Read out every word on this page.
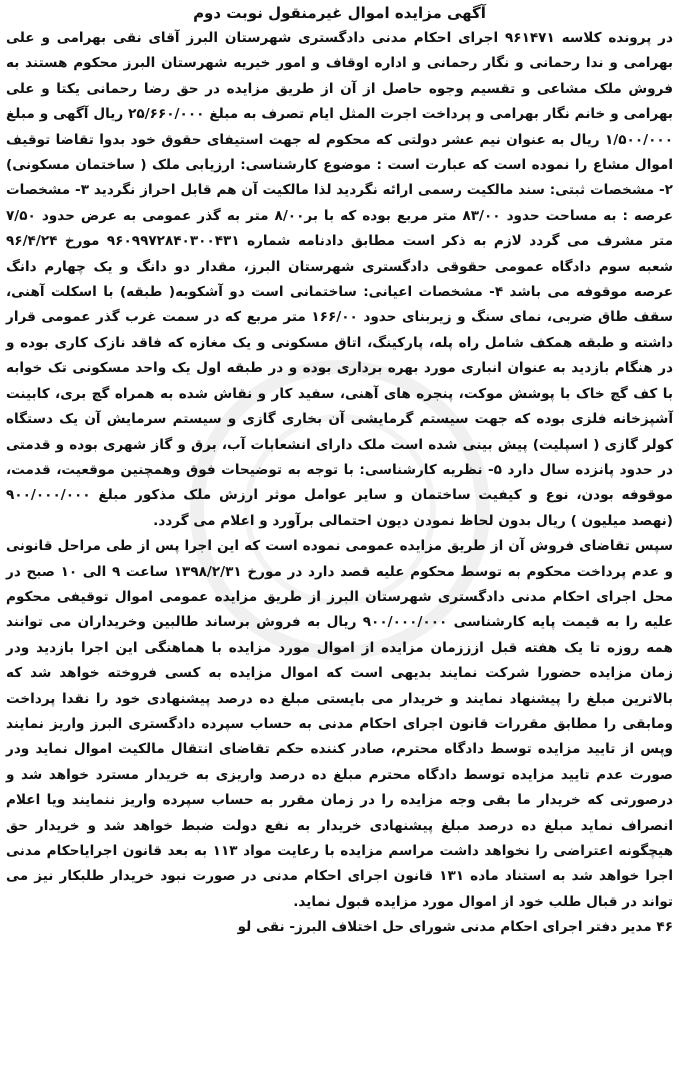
آگهی مزایده اموال غیرمنقول نوبت دوم

در پرونده کلاسه ۹۶۱۴۷۱ اجرای احکام مدنی دادگستری شهرستان البرز آقای نقی بهرامی و علی بهرامی و ندا رحمانی و نگار رحمانی و اداره اوقاف و امور خیریه شهرستان البرز محکوم هستند به فروش ملک مشاعی و تقسیم وجوه حاصل از آن از طریق مزایده در حق رضا رحمانی یکتا و علی بهرامی و خانم نگار بهرامی و پرداخت اجرت المثل ایام تصرف به مبلغ ۲۵/۶۶۰/۰۰۰ ریال آگهی و مبلغ ۱/۵۰۰/۰۰۰ ریال به عنوان نیم عشر دولتی که محکوم له جهت استیفای حقوق خود بدوا تقاضا توقیف اموال مشاع را نموده است که عبارت است : موضوع کارشناسی: ارزیابی ملک ( ساختمان مسکونی) ۲- مشخصات ثبتی: سند مالکیت رسمی ارائه نگردید لذا مالکیت آن هم قابل احراز نگردید ۳- مشخصات عرصه : به مساحت حدود ۸۳/۰۰ متر مربع بوده که با بر۸/۰۰ متر به گذر عمومی به عرض حدود ۷/۵۰ متر مشرف می گردد لازم به ذکر است مطابق دادنامه شماره ۹۶۰۹۹۷۲۸۴۰۳۰۰۴۳۱ مورخ ۹۶/۴/۲۴ شعبه سوم دادگاه عمومی حقوقی دادگستری شهرستان البرز، مقدار دو دانگ و یک چهارم دانگ عرصه موقوفه می باشد ۴- مشخصات اعیانی: ساختمانی است دو آشکوبه( طبقه) با اسکلت آهنی، سقف طاق ضربی، نمای سنگ و زیربنای حدود ۱۶۶/۰۰ متر مربع که در سمت غرب گذر عمومی قرار داشته و طبقه همکف شامل راه پله، پارکینگ، اتاق مسکونی و یک مغازه که فاقد نازک کاری بوده و در هنگام بازدید به عنوان انباری مورد بهره برداری بوده و در طبقه اول یک واحد مسکونی تک خوابه با کف گچ خاک با پوشش موکت، پنجره های آهنی، سفید کار و نقاش شده به همراه گچ بری، کابینت آشپزخانه فلزی بوده که جهت سیستم گرمایشی آن بخاری گازی و سیستم سرمایش آن یک دستگاه کولر گازی ( اسپلیت) پیش بینی شده است ملک دارای انشعابات آب، برق و گاز شهری بوده و قدمتی در حدود پانزده سال دارد ۵- نظریه کارشناسی: با توجه به توضیحات فوق وهمچنین موقعیت، قدمت، موقوفه بودن، نوع و کیفیت ساختمان و سایر عوامل موثر ارزش ملک مذکور مبلغ ۹۰۰/۰۰۰/۰۰۰ (نهصد میلیون ) ریال بدون لحاظ نمودن دیون احتمالی برآورد و اعلام می گردد.

سپس تقاضای فروش آن از طریق مزایده عمومی نموده است که این اجرا پس از طی مراحل قانونی و عدم پرداخت محکوم به توسط محکوم علیه قصد دارد در مورخ ۱۳۹۸/۲/۳۱ ساعت ۹ الی ۱۰ صبح در محل اجرای احکام مدنی دادگستری شهرستان البرز از طریق مزایده عمومی اموال توقیفی محکوم علیه را به قیمت پایه کارشناسی ۹۰۰/۰۰۰/۰۰۰ ریال به فروش برساند طالبین وخریداران می توانند همه روزه تا یک هفته قبل ازززمان مزایده از اموال مورد مزایده با هماهنگی این اجرا بازدید ودر زمان مزایده حضورا شرکت نمایند بدیهی است که اموال مزایده به کسی فروخته خواهد شد که بالاترین مبلغ را پیشنهاد نمایند و خریدار می بایستی مبلغ ده درصد پیشنهادی خود را نقدا پرداخت ومابقی را مطابق مقررات قانون اجرای احکام مدنی به حساب سپرده دادگستری البرز واریز نمایند وپس از تایید مزایده توسط دادگاه محترم، صادر کننده حکم تقاضای انتقال مالکیت اموال نماید ودر صورت عدم تایید مزایده توسط دادگاه محترم مبلغ ده درصد واریزی به خریدار مسترد خواهد شد و درصورتی که خریدار ما بقی وجه مزایده را در زمان مقرر به حساب سپرده واریز ننمایند ویا اعلام انصراف نماید مبلغ ده درصد مبلغ پیشنهادی خریدار به نفع دولت ضبط خواهد شد و خریدار حق هیچگونه اعتراضی را نخواهد داشت مراسم مزایده با رعایت مواد ۱۱۳ به بعد قانون اجرایاحکام مدنی اجرا خواهد شد به استناد ماده ۱۳۱ قانون اجرای احکام مدنی در صورت نبود خریدار طلبکار نیز می تواند در قبال طلب خود از اموال مورد مزایده قبول نماید.

۴۶ مدیر دفتر اجرای احکام مدنی شورای حل اختلاف البرز- نقی لو
